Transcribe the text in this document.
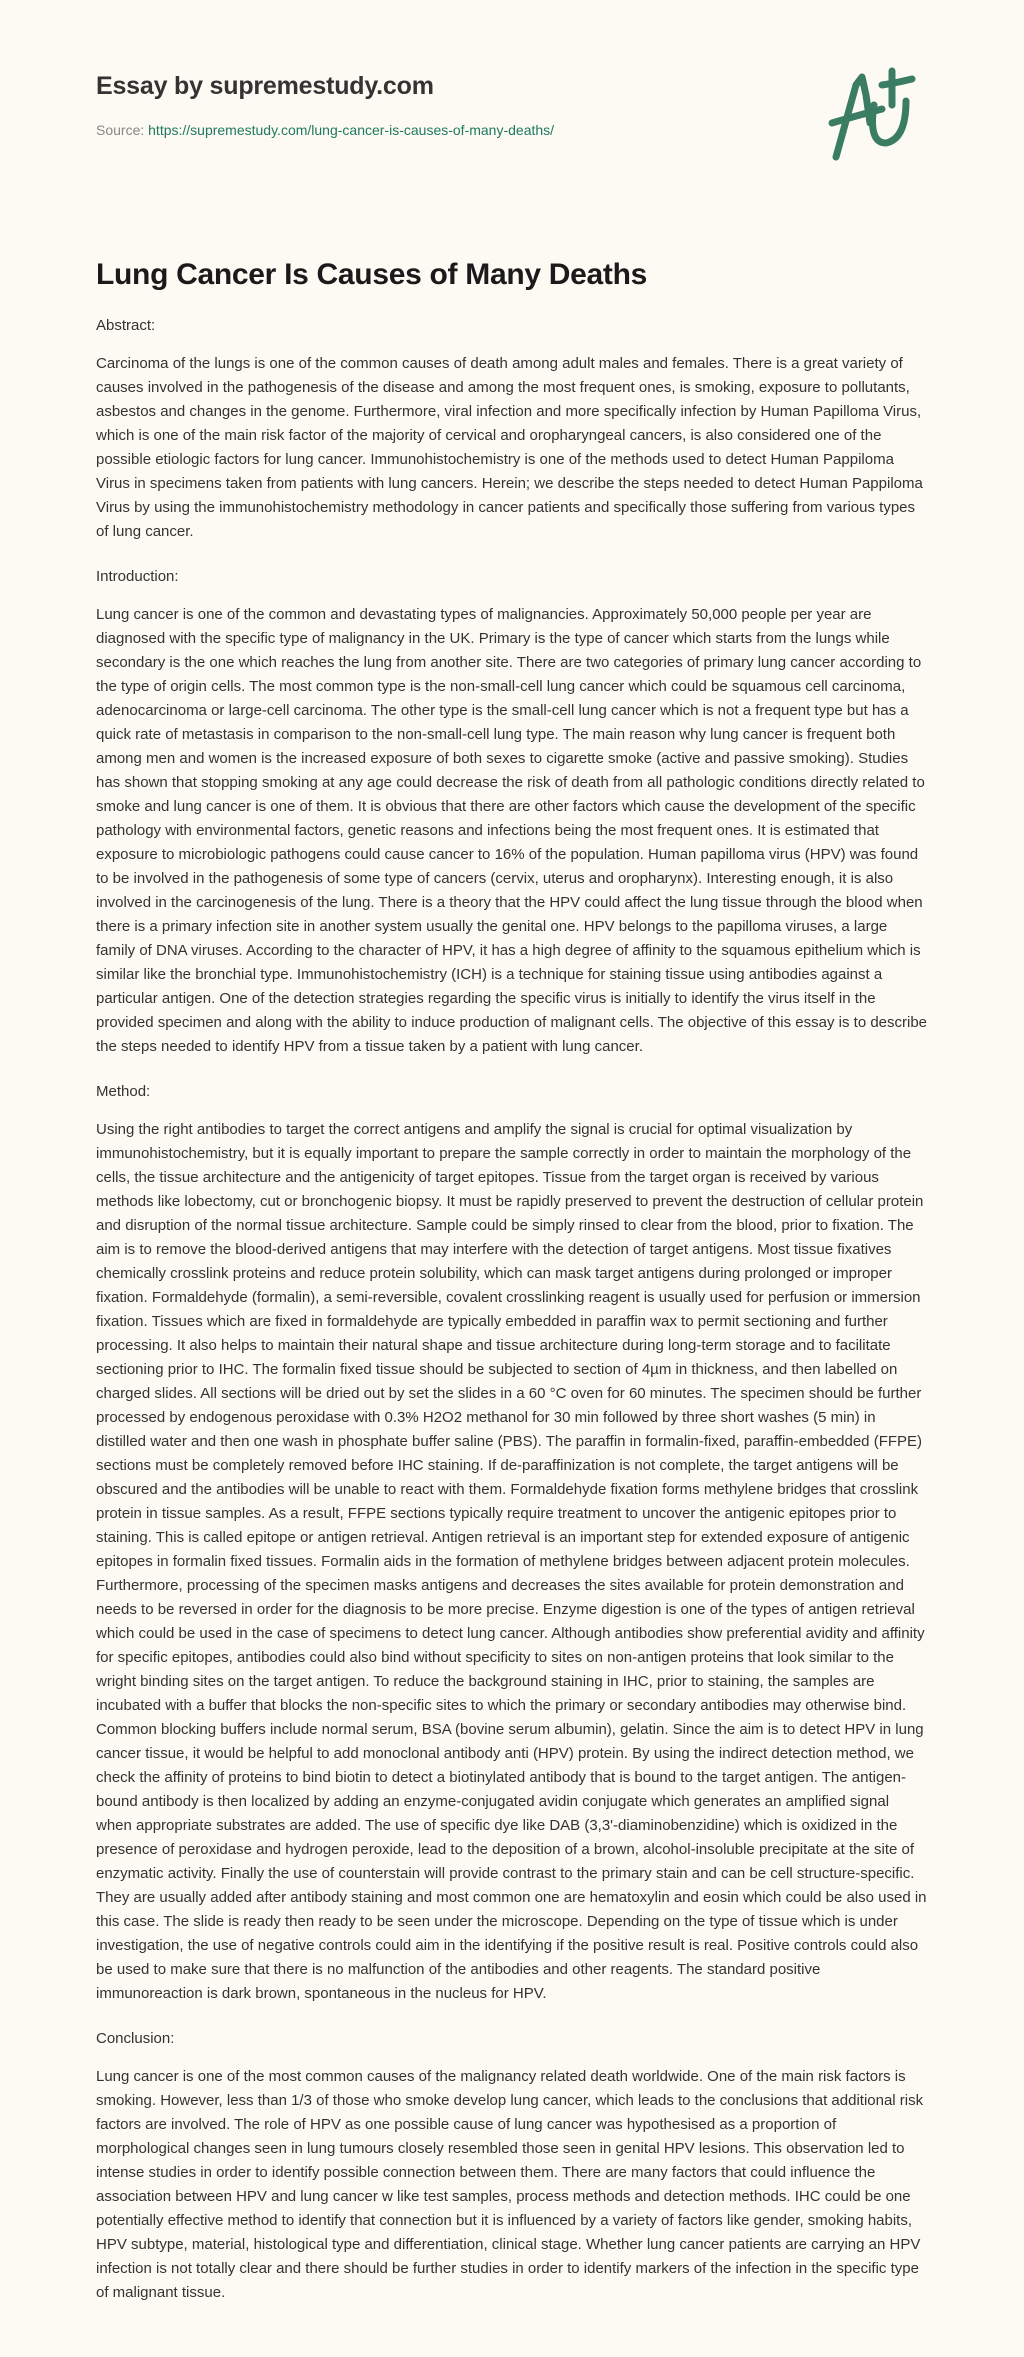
Essay by supremestudy.com
Source: https://supremestudy.com/lung-cancer-is-causes-of-many-deaths/
Lung Cancer Is Causes of Many Deaths

Abstract:

Carcinoma of the lungs is one of the common causes of death among adult males and females. There is a great variety of causes involved in the pathogenesis of the disease and among the most frequent ones, is smoking, exposure to pollutants, asbestos and changes in the genome. Furthermore, viral infection and more specifically infection by Human Papilloma Virus, which is one of the main risk factor of the majority of cervical and oropharyngeal cancers, is also considered one of the possible etiologic factors for lung cancer. Immunohistochemistry is one of the methods used to detect Human Pappiloma Virus in specimens taken from patients with lung cancers. Herein; we describe the steps needed to detect Human Pappiloma Virus by using the immunohistochemistry methodology in cancer patients and specifically those suffering from various types of lung cancer.

Introduction:

Lung cancer is one of the common and devastating types of malignancies. Approximately 50,000 people per year are diagnosed with the specific type of malignancy in the UK. Primary is the type of cancer which starts from the lungs while secondary is the one which reaches the lung from another site. There are two categories of primary lung cancer according to the type of origin cells. The most common type is the non-small-cell lung cancer which could be squamous cell carcinoma, adenocarcinoma or large-cell carcinoma. The other type is the small-cell lung cancer which is not a frequent type but has a quick rate of metastasis in comparison to the non-small-cell lung type. The main reason why lung cancer is frequent both among men and women is the increased exposure of both sexes to cigarette smoke (active and passive smoking). Studies has shown that stopping smoking at any age could decrease the risk of death from all pathologic conditions directly related to smoke and lung cancer is one of them. It is obvious that there are other factors which cause the development of the specific pathology with environmental factors, genetic reasons and infections being the most frequent ones. It is estimated that exposure to microbiologic pathogens could cause cancer to 16% of the population. Human papilloma virus (HPV) was found to be involved in the pathogenesis of some type of cancers (cervix, uterus and oropharynx). Interesting enough, it is also involved in the carcinogenesis of the lung. There is a theory that the HPV could affect the lung tissue through the blood when there is a primary infection site in another system usually the genital one. HPV belongs to the papilloma viruses, a large family of DNA viruses. According to the character of HPV, it has a high degree of affinity to the squamous epithelium which is similar like the bronchial type. Immunohistochemistry (ICH) is a technique for staining tissue using antibodies against a particular antigen. One of the detection strategies regarding the specific virus is initially to identify the virus itself in the provided specimen and along with the ability to induce production of malignant cells. The objective of this essay is to describe the steps needed to identify HPV from a tissue taken by a patient with lung cancer.

Method:

Using the right antibodies to target the correct antigens and amplify the signal is crucial for optimal visualization by immunohistochemistry, but it is equally important to prepare the sample correctly in order to maintain the morphology of the cells, the tissue architecture and the antigenicity of target epitopes. Tissue from the target organ is received by various methods like lobectomy, cut or bronchogenic biopsy. It must be rapidly preserved to prevent the destruction of cellular protein and disruption of the normal tissue architecture. Sample could be simply rinsed to clear from the blood, prior to fixation. The aim is to remove the blood-derived antigens that may interfere with the detection of target antigens. Most tissue fixatives chemically crosslink proteins and reduce protein solubility, which can mask target antigens during prolonged or improper fixation. Formaldehyde (formalin), a semi-reversible, covalent crosslinking reagent is usually used for perfusion or immersion fixation. Tissues which are fixed in formaldehyde are typically embedded in paraffin wax to permit sectioning and further processing. It also helps to maintain their natural shape and tissue architecture during long-term storage and to facilitate sectioning prior to IHC. The formalin fixed tissue should be subjected to section of 4µm in thickness, and then labelled on charged slides. All sections will be dried out by set the slides in a 60 °C oven for 60 minutes. The specimen should be further processed by endogenous peroxidase with 0.3% H2O2 methanol for 30 min followed by three short washes (5 min) in distilled water and then one wash in phosphate buffer saline (PBS). The paraffin in formalin-fixed, paraffin-embedded (FFPE) sections must be completely removed before IHC staining. If de-paraffinization is not complete, the target antigens will be obscured and the antibodies will be unable to react with them. Formaldehyde fixation forms methylene bridges that crosslink protein in tissue samples. As a result, FFPE sections typically require treatment to uncover the antigenic epitopes prior to staining. This is called epitope or antigen retrieval. Antigen retrieval is an important step for extended exposure of antigenic epitopes in formalin fixed tissues. Formalin aids in the formation of methylene bridges between adjacent protein molecules. Furthermore, processing of the specimen masks antigens and decreases the sites available for protein demonstration and needs to be reversed in order for the diagnosis to be more precise. Enzyme digestion is one of the types of antigen retrieval which could be used in the case of specimens to detect lung cancer. Although antibodies show preferential avidity and affinity for specific epitopes, antibodies could also bind without specificity to sites on non-antigen proteins that look similar to the wright binding sites on the target antigen. To reduce the background staining in IHC, prior to staining, the samples are incubated with a buffer that blocks the non-specific sites to which the primary or secondary antibodies may otherwise bind. Common blocking buffers include normal serum, BSA (bovine serum albumin), gelatin. Since the aim is to detect HPV in lung cancer tissue, it would be helpful to add monoclonal antibody anti (HPV) protein. By using the indirect detection method, we check the affinity of proteins to bind biotin to detect a biotinylated antibody that is bound to the target antigen. The antigen-bound antibody is then localized by adding an enzyme-conjugated avidin conjugate which generates an amplified signal when appropriate substrates are added. The use of specific dye like DAB (3,3'-diaminobenzidine) which is oxidized in the presence of peroxidase and hydrogen peroxide, lead to the deposition of a brown, alcohol-insoluble precipitate at the site of enzymatic activity. Finally the use of counterstain will provide contrast to the primary stain and can be cell structure-specific. They are usually added after antibody staining and most common one are hematoxylin and eosin which could be also used in this case. The slide is ready then ready to be seen under the microscope. Depending on the type of tissue which is under investigation, the use of negative controls could aim in the identifying if the positive result is real. Positive controls could also be used to make sure that there is no malfunction of the antibodies and other reagents. The standard positive immunoreaction is dark brown, spontaneous in the nucleus for HPV.

Conclusion:

Lung cancer is one of the most common causes of the malignancy related death worldwide. One of the main risk factors is smoking. However, less than 1/3 of those who smoke develop lung cancer, which leads to the conclusions that additional risk factors are involved. The role of HPV as one possible cause of lung cancer was hypothesised as a proportion of morphological changes seen in lung tumours closely resembled those seen in genital HPV lesions. This observation led to intense studies in order to identify possible connection between them. There are many factors that could influence the association between HPV and lung cancer w like test samples, process methods and detection methods. IHC could be one potentially effective method to identify that connection but it is influenced by a variety of factors like gender, smoking habits, HPV subtype, material, histological type and differentiation, clinical stage. Whether lung cancer patients are carrying an HPV infection is not totally clear and there should be further studies in order to identify markers of the infection in the specific type of malignant tissue.
